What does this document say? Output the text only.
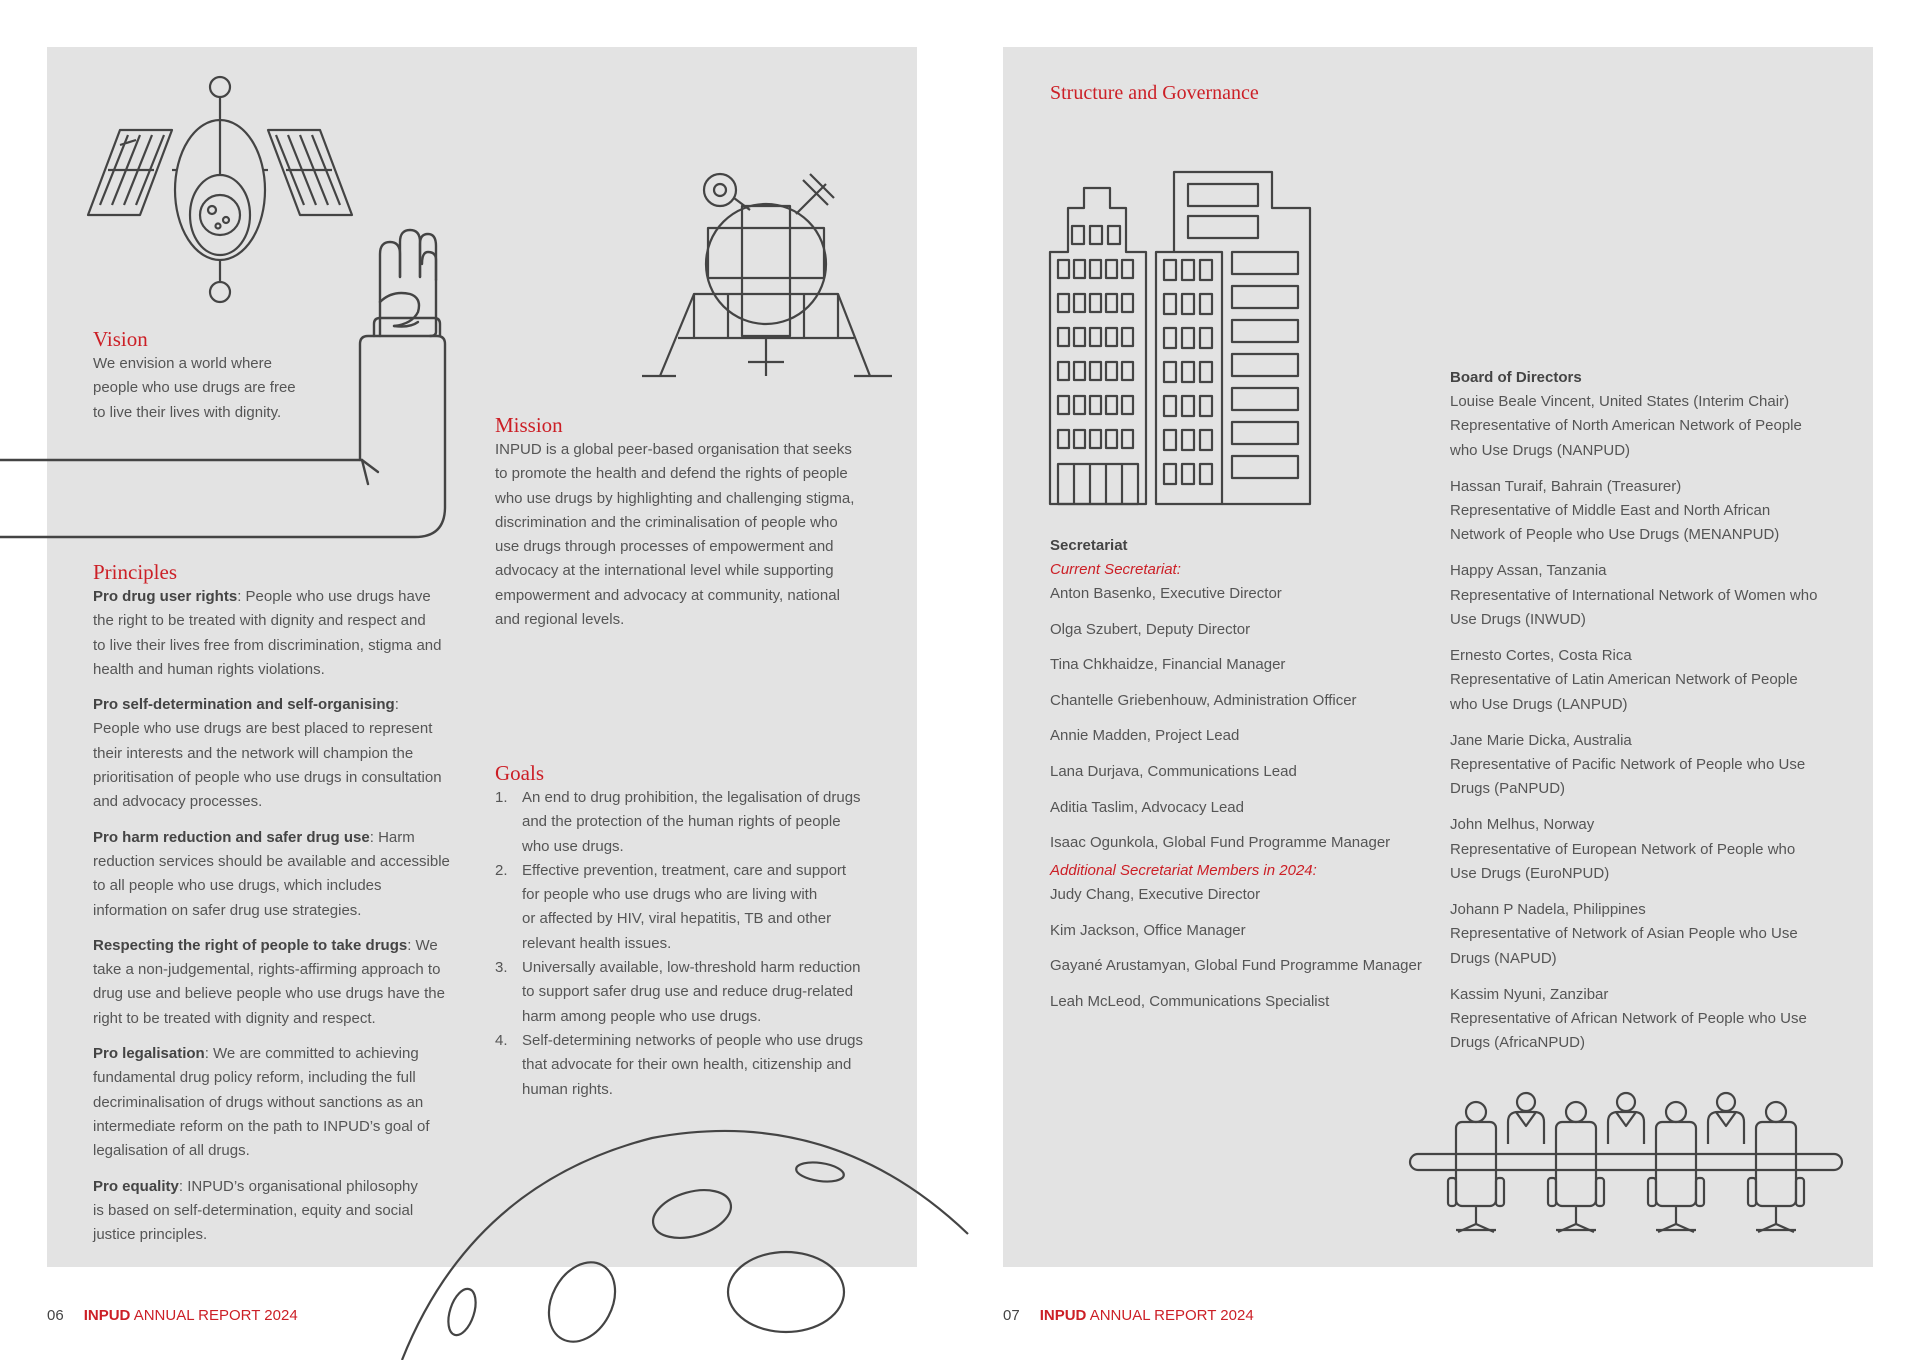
Vision

We envision a world where

people who use drugs are free

to live their lives with dignity.

Mission

INPUD is a global peer-based organisation that seeks

to promote the health and defend the rights of people

who use drugs by highlighting and challenging stigma,

discrimination and the criminalisation of people who

use drugs through processes of empowerment and

advocacy at the international level while supporting

empowerment and advocacy at community, national

and regional levels.

Principles

Pro drug user rights: People who use drugs have

the right to be treated with dignity and respect and

to live their lives free from discrimination, stigma and

health and human rights violations.

Pro self-determination and self-organising:

People who use drugs are best placed to represent

their interests and the network will champion the

prioritisation of people who use drugs in consultation

and advocacy processes.

Pro harm reduction and safer drug use: Harm

reduction services should be available and accessible

to all people who use drugs, which includes

information on safer drug use strategies.

Respecting the right of people to take drugs: We

take a non-judgemental, rights-affirming approach to

drug use and believe people who use drugs have the

right to be treated with dignity and respect.

Pro legalisation: We are committed to achieving

fundamental drug policy reform, including the full

decriminalisation of drugs without sanctions as an

intermediate reform on the path to INPUD’s goal of

legalisation of all drugs.

Pro equality: INPUD’s organisational philosophy

is based on self-determination, equity and social

justice principles.

Goals
1. An end to drug prohibition, the legalisation of drugs

and the protection of the human rights of people

who use drugs.

2. Effective prevention, treatment, care and support

for people who use drugs who are living with

or affected by HIV, viral hepatitis, TB and other

relevant health issues.

3. Universally available, low-threshold harm reduction

to support safer drug use and reduce drug-related

harm among people who use drugs.

4. Self-determining networks of people who use drugs

that advocate for their own health, citizenship and

human rights.

06 INPUD ANNUAL REPORT 2024
Structure and Governance
Secretariat
Current Secretariat:
Anton Basenko, Executive Director
Olga Szubert, Deputy Director
Tina Chkhaidze, Financial Manager
Chantelle Griebenhouw, Administration Officer
Annie Madden, Project Lead
Lana Durjava, Communications Lead
Aditia Taslim, Advocacy Lead
Isaac Ogunkola, Global Fund Programme Manager
Additional Secretariat Members in 2024:
Judy Chang, Executive Director
Kim Jackson, Office Manager
Gayané Arustamyan, Global Fund Programme Manager
Leah McLeod, Communications Specialist
Board of Directors

Louise Beale Vincent, United States (Interim Chair)

Representative of North American Network of People

who Use Drugs (NANPUD)

Hassan Turaif, Bahrain (Treasurer)

Representative of Middle East and North African

Network of People who Use Drugs (MENANPUD)

Happy Assan, Tanzania

Representative of International Network of Women who

Use Drugs (INWUD)

Ernesto Cortes, Costa Rica

Representative of Latin American Network of People

who Use Drugs (LANPUD)

Jane Marie Dicka, Australia

Representative of Pacific Network of People who Use

Drugs (PaNPUD)

John Melhus, Norway

Representative of European Network of People who

Use Drugs (EuroNPUD)

Johann P Nadela, Philippines

Representative of Network of Asian People who Use

Drugs (NAPUD)

Kassim Nyuni, Zanzibar

Representative of African Network of People who Use

Drugs (AfricaNPUD)

07 INPUD ANNUAL REPORT 2024
